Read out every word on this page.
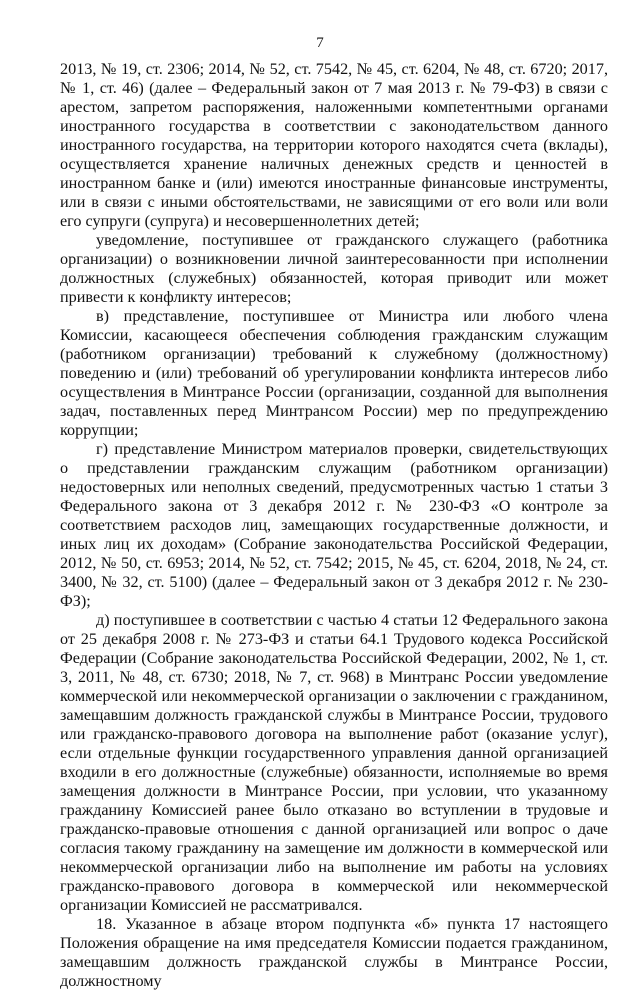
7

2013, № 19, ст. 2306; 2014, № 52, ст. 7542, № 45, ст. 6204, № 48, ст. 6720; 2017, № 1, ст. 46) (далее – Федеральный закон от 7 мая 2013 г. № 79-ФЗ) в связи с арестом, запретом распоряжения, наложенными компетентными органами иностранного государства в соответствии с законодательством данного иностранного государства, на территории которого находятся счета (вклады), осуществляется хранение наличных денежных средств и ценностей в иностранном банке и (или) имеются иностранные финансовые инструменты, или в связи с иными обстоятельствами, не зависящими от его воли или воли его супруги (супруга) и несовершеннолетних детей;

уведомление, поступившее от гражданского служащего (работника организации) о возникновении личной заинтересованности при исполнении должностных (служебных) обязанностей, которая приводит или может привести к конфликту интересов;

в) представление, поступившее от Министра или любого члена Комиссии, касающееся обеспечения соблюдения гражданским служащим (работником организации) требований к служебному (должностному) поведению и (или) требований об урегулировании конфликта интересов либо осуществления в Минтрансе России (организации, созданной для выполнения задач, поставленных перед Минтрансом России) мер по предупреждению коррупции;

г) представление Министром материалов проверки, свидетельствующих о представлении гражданским служащим (работником организации) недостоверных или неполных сведений, предусмотренных частью 1 статьи 3 Федерального закона от 3 декабря 2012 г. № 230-ФЗ «О контроле за соответствием расходов лиц, замещающих государственные должности, и иных лиц их доходам» (Собрание законодательства Российской Федерации, 2012, № 50, ст. 6953; 2014, № 52, ст. 7542; 2015, № 45, ст. 6204, 2018, № 24, ст. 3400, № 32, ст. 5100) (далее – Федеральный закон от 3 декабря 2012 г. № 230-ФЗ);

д) поступившее в соответствии с частью 4 статьи 12 Федерального закона от 25 декабря 2008 г. № 273-ФЗ и статьи 64.1 Трудового кодекса Российской Федерации (Собрание законодательства Российской Федерации, 2002, № 1, ст. 3, 2011, № 48, ст. 6730; 2018, № 7, ст. 968) в Минтранс России уведомление коммерческой или некоммерческой организации о заключении с гражданином, замещавшим должность гражданской службы в Минтрансе России, трудового или гражданско-правового договора на выполнение работ (оказание услуг), если отдельные функции государственного управления данной организацией входили в его должностные (служебные) обязанности, исполняемые во время замещения должности в Минтрансе России, при условии, что указанному гражданину Комиссией ранее было отказано во вступлении в трудовые и гражданско-правовые отношения с данной организацией или вопрос о даче согласия такому гражданину на замещение им должности в коммерческой или некоммерческой организации либо на выполнение им работы на условиях гражданско-правового договора в коммерческой или некоммерческой организации Комиссией не рассматривался.

18. Указанное в абзаце втором подпункта «б» пункта 17 настоящего Положения обращение на имя председателя Комиссии подается гражданином, замещавшим должность гражданской службы в Минтрансе России, должностному
